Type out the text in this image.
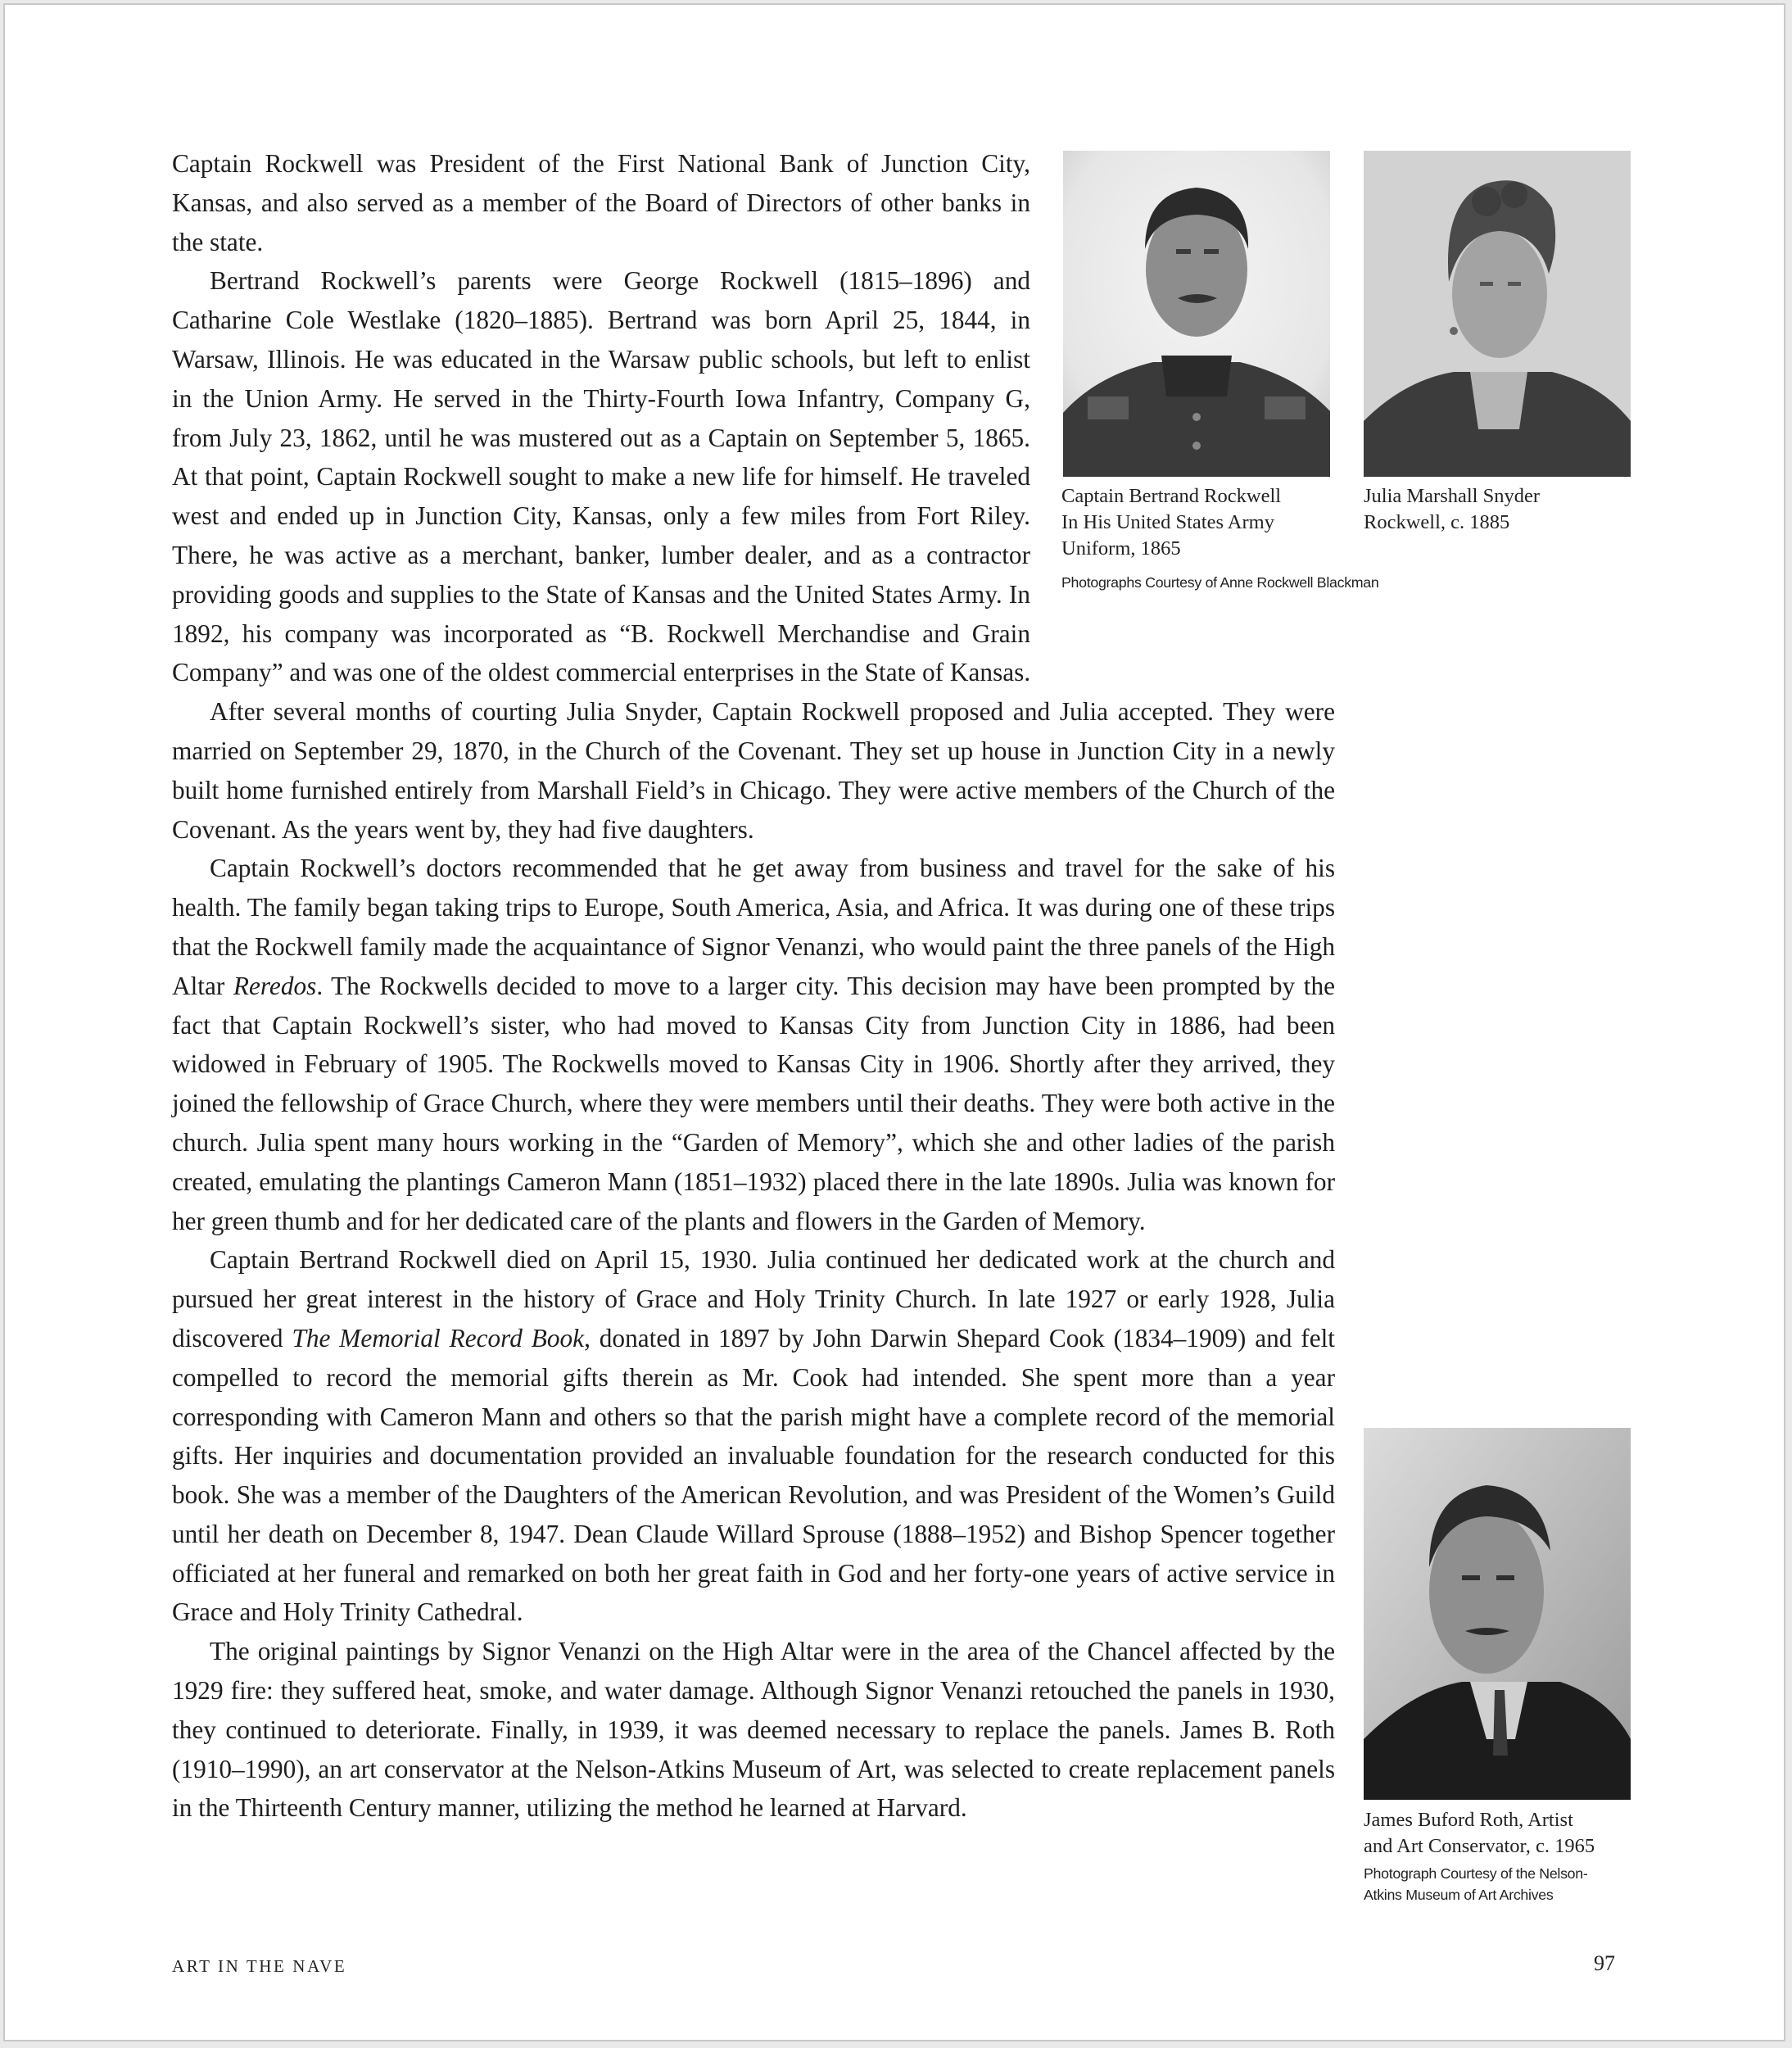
Captain Bertrand Rockwell
In His United States Army
Uniform, 1865
Julia Marshall Snyder
Rockwell, c. 1885
Photographs Courtesy of Anne Rockwell Blackman
James Buford Roth, Artist
and Art Conservator, c. 1965
Photograph Courtesy of the Nelson-
Atkins Museum of Art Archives

Captain Rockwell was President of the First National Bank of Junction City, Kansas, and also served as a member of the Board of Directors of other banks in the state.

Bertrand Rockwell’s parents were George Rockwell (1815–1896) and Catharine Cole Westlake (1820–1885). Bertrand was born April 25, 1844, in Warsaw, Illinois. He was educated in the Warsaw public schools, but left to enlist in the Union Army. He served in the Thirty-Fourth Iowa Infantry, Company G, from July 23, 1862, until he was mustered out as a Captain on September 5, 1865. At that point, Captain Rockwell sought to make a new life for himself. He traveled west and ended up in Junction City, Kansas, only a few miles from Fort Riley. There, he was active as a merchant, banker, lumber dealer, and as a contractor providing goods and supplies to the State of Kansas and the United States Army. In 1892, his company was incorporated as “B. Rockwell Merchandise and Grain Company” and was one of the oldest commercial enterprises in the State of Kansas.

After several months of courting Julia Snyder, Captain Rockwell proposed and Julia accepted. They were married on September 29, 1870, in the Church of the Covenant. They set up house in Junction City in a newly built home furnished entirely from Marshall Field’s in Chicago. They were active members of the Church of the Covenant. As the years went by, they had five daughters.

Captain Rockwell’s doctors recommended that he get away from business and travel for the sake of his health. The family began taking trips to Europe, South America, Asia, and Africa. It was during one of these trips that the Rockwell family made the acquaintance of Signor Venanzi, who would paint the three panels of the High Altar Reredos. The Rockwells decided to move to a larger city. This decision may have been prompted by the fact that Captain Rockwell’s sister, who had moved to Kansas City from Junction City in 1886, had been widowed in February of 1905. The Rockwells moved to Kansas City in 1906. Shortly after they arrived, they joined the fellowship of Grace Church, where they were members until their deaths. They were both active in the church. Julia spent many hours working in the “Garden of Memory”, which she and other ladies of the parish created, emulating the plantings Cameron Mann (1851–1932) placed there in the late 1890s. Julia was known for her green thumb and for her dedicated care of the plants and flowers in the Garden of Memory.

Captain Bertrand Rockwell died on April 15, 1930. Julia continued her dedicated work at the church and pursued her great interest in the history of Grace and Holy Trinity Church. In late 1927 or early 1928, Julia discovered The Memorial Record Book, donated in 1897 by John Darwin Shepard Cook (1834–1909) and felt compelled to record the memorial gifts therein as Mr. Cook had intended. She spent more than a year corresponding with Cameron Mann and others so that the parish might have a complete record of the memorial gifts. Her inquiries and documentation provided an invaluable foundation for the research conducted for this book. She was a member of the Daughters of the American Revolution, and was President of the Women’s Guild until her death on December 8, 1947. Dean Claude Willard Sprouse (1888–1952) and Bishop Spencer together officiated at her funeral and remarked on both her great faith in God and her forty-one years of active service in Grace and Holy Trinity Cathedral.

The original paintings by Signor Venanzi on the High Altar were in the area of the Chancel affected by the 1929 fire: they suffered heat, smoke, and water damage. Although Signor Venanzi retouched the panels in 1930, they continued to deteriorate. Finally, in 1939, it was deemed necessary to replace the panels. James B. Roth (1910–1990), an art conservator at the Nelson-Atkins Museum of Art, was selected to create replacement panels in the Thirteenth Century manner, utilizing the method he learned at Harvard.

ART IN THE NAVE	97
